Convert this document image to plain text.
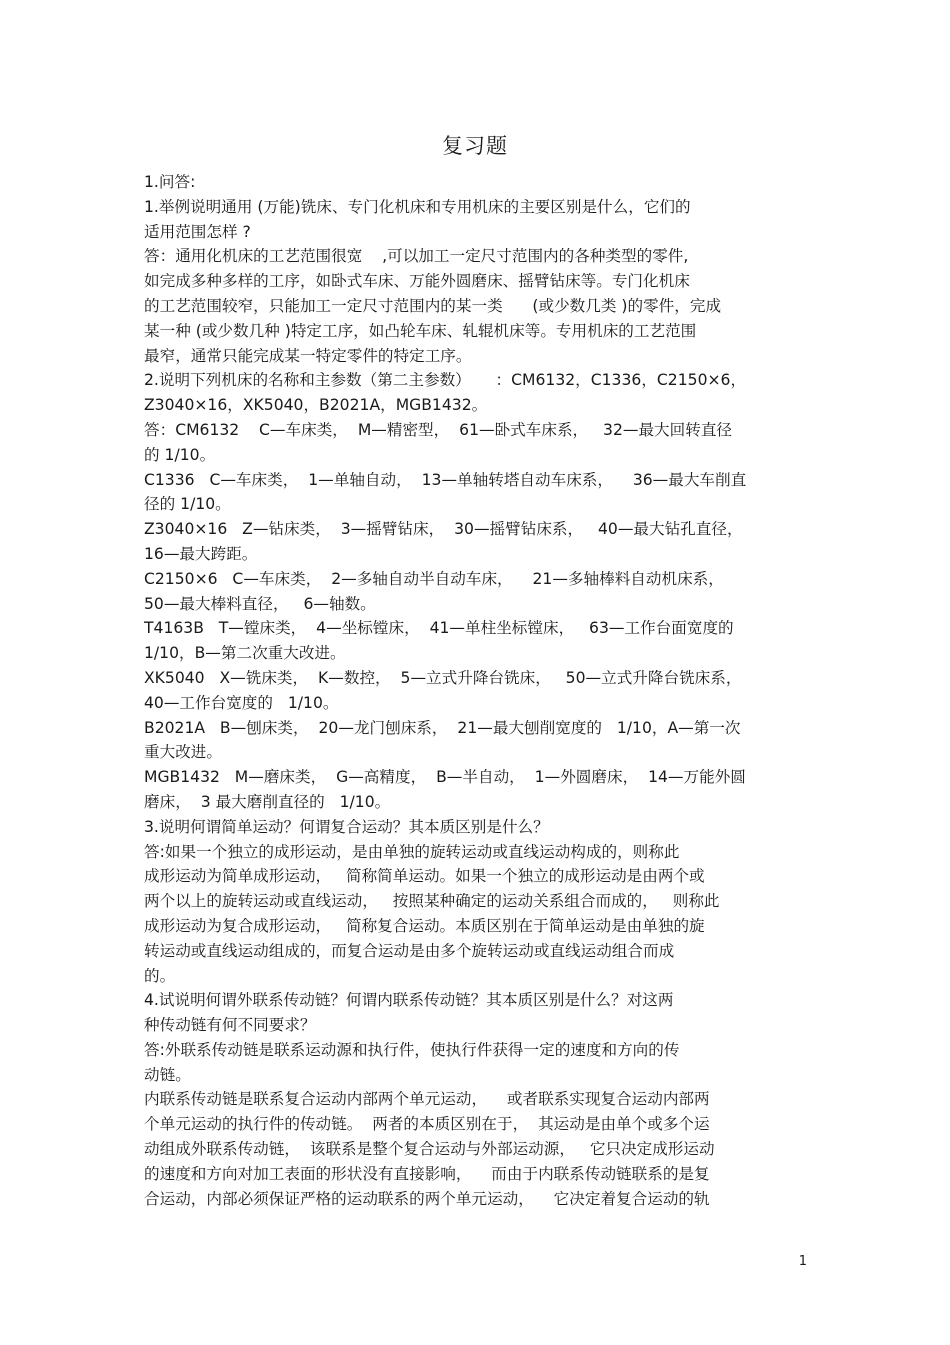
复习题
1.问答:
1.举例说明通用 (万能)铣床、专门化机床和专用机床的主要区别是什么，它们的
适用范围怎样 ?
答：通用化机床的工艺范围很宽    ,可以加工一定尺寸范围内的各种类型的零件,
如完成多种多样的工序，如卧式车床、万能外圆磨床、摇臂钻床等。专门化机床
的工艺范围较窄，只能加工一定尺寸范围内的某一类      (或少数几类 )的零件，完成
某一种 (或少数几种 )特定工序，如凸轮车床、轧辊机床等。专用机床的工艺范围
最窄，通常只能完成某一特定零件的特定工序。
2.说明下列机床的名称和主参数（第二主参数）     ：CM6132，C1336，C2150×6，
Z3040×16，XK5040，B2021A，MGB1432。
答：CM6132    C—车床类，  M—精密型，  61—卧式车床系，   32—最大回转直径
的 1/10。
C1336   C—车床类，  1—单轴自动，  13—单轴转塔自动车床系，    36—最大车削直
径的 1/10。
Z3040×16   Z—钻床类，  3—摇臂钻床，  30—摇臂钻床系，   40—最大钻孔直径，
16—最大跨距。
C2150×6   C—车床类，  2—多轴自动半自动车床，    21—多轴棒料自动机床系，
50—最大棒料直径，   6—轴数。
T4163B   T—镗床类，  4—坐标镗床，  41—单柱坐标镗床，   63—工作台面宽度的
1/10，B—第二次重大改进。
XK5040   X—铣床类，  K—数控，  5—立式升降台铣床，   50—立式升降台铣床系，
40—工作台宽度的   1/10。
B2021A   B—刨床类，  20—龙门刨床系，  21—最大刨削宽度的   1/10，A—第一次
重大改进。
MGB1432   M—磨床类，  G—高精度，  B—半自动，  1—外圆磨床，  14—万能外圆
磨床，  3 最大磨削直径的   1/10。
3.说明何谓简单运动？何谓复合运动？其本质区别是什么？
答:如果一个独立的成形运动，是由单独的旋转运动或直线运动构成的，则称此
成形运动为简单成形运动，   简称简单运动。如果一个独立的成形运动是由两个或
两个以上的旋转运动或直线运动，   按照某种确定的运动关系组合而成的，   则称此
成形运动为复合成形运动，   简称复合运动。本质区别在于简单运动是由单独的旋
转运动或直线运动组成的，而复合运动是由多个旋转运动或直线运动组合而成
的。
4.试说明何谓外联系传动链？何谓内联系传动链？其本质区别是什么？对这两
种传动链有何不同要求？
答:外联系传动链是联系运动源和执行件，使执行件获得一定的速度和方向的传
动链。
内联系传动链是联系复合运动内部两个单元运动，    或者联系实现复合运动内部两
个单元运动的执行件的传动链。  两者的本质区别在于，  其运动是由单个或多个运
动组成外联系传动链，  该联系是整个复合运动与外部运动源，   它只决定成形运动
的速度和方向对加工表面的形状没有直接影响，    而由于内联系传动链联系的是复
合运动，内部必须保证严格的运动联系的两个单元运动，    它决定着复合运动的轨
1
